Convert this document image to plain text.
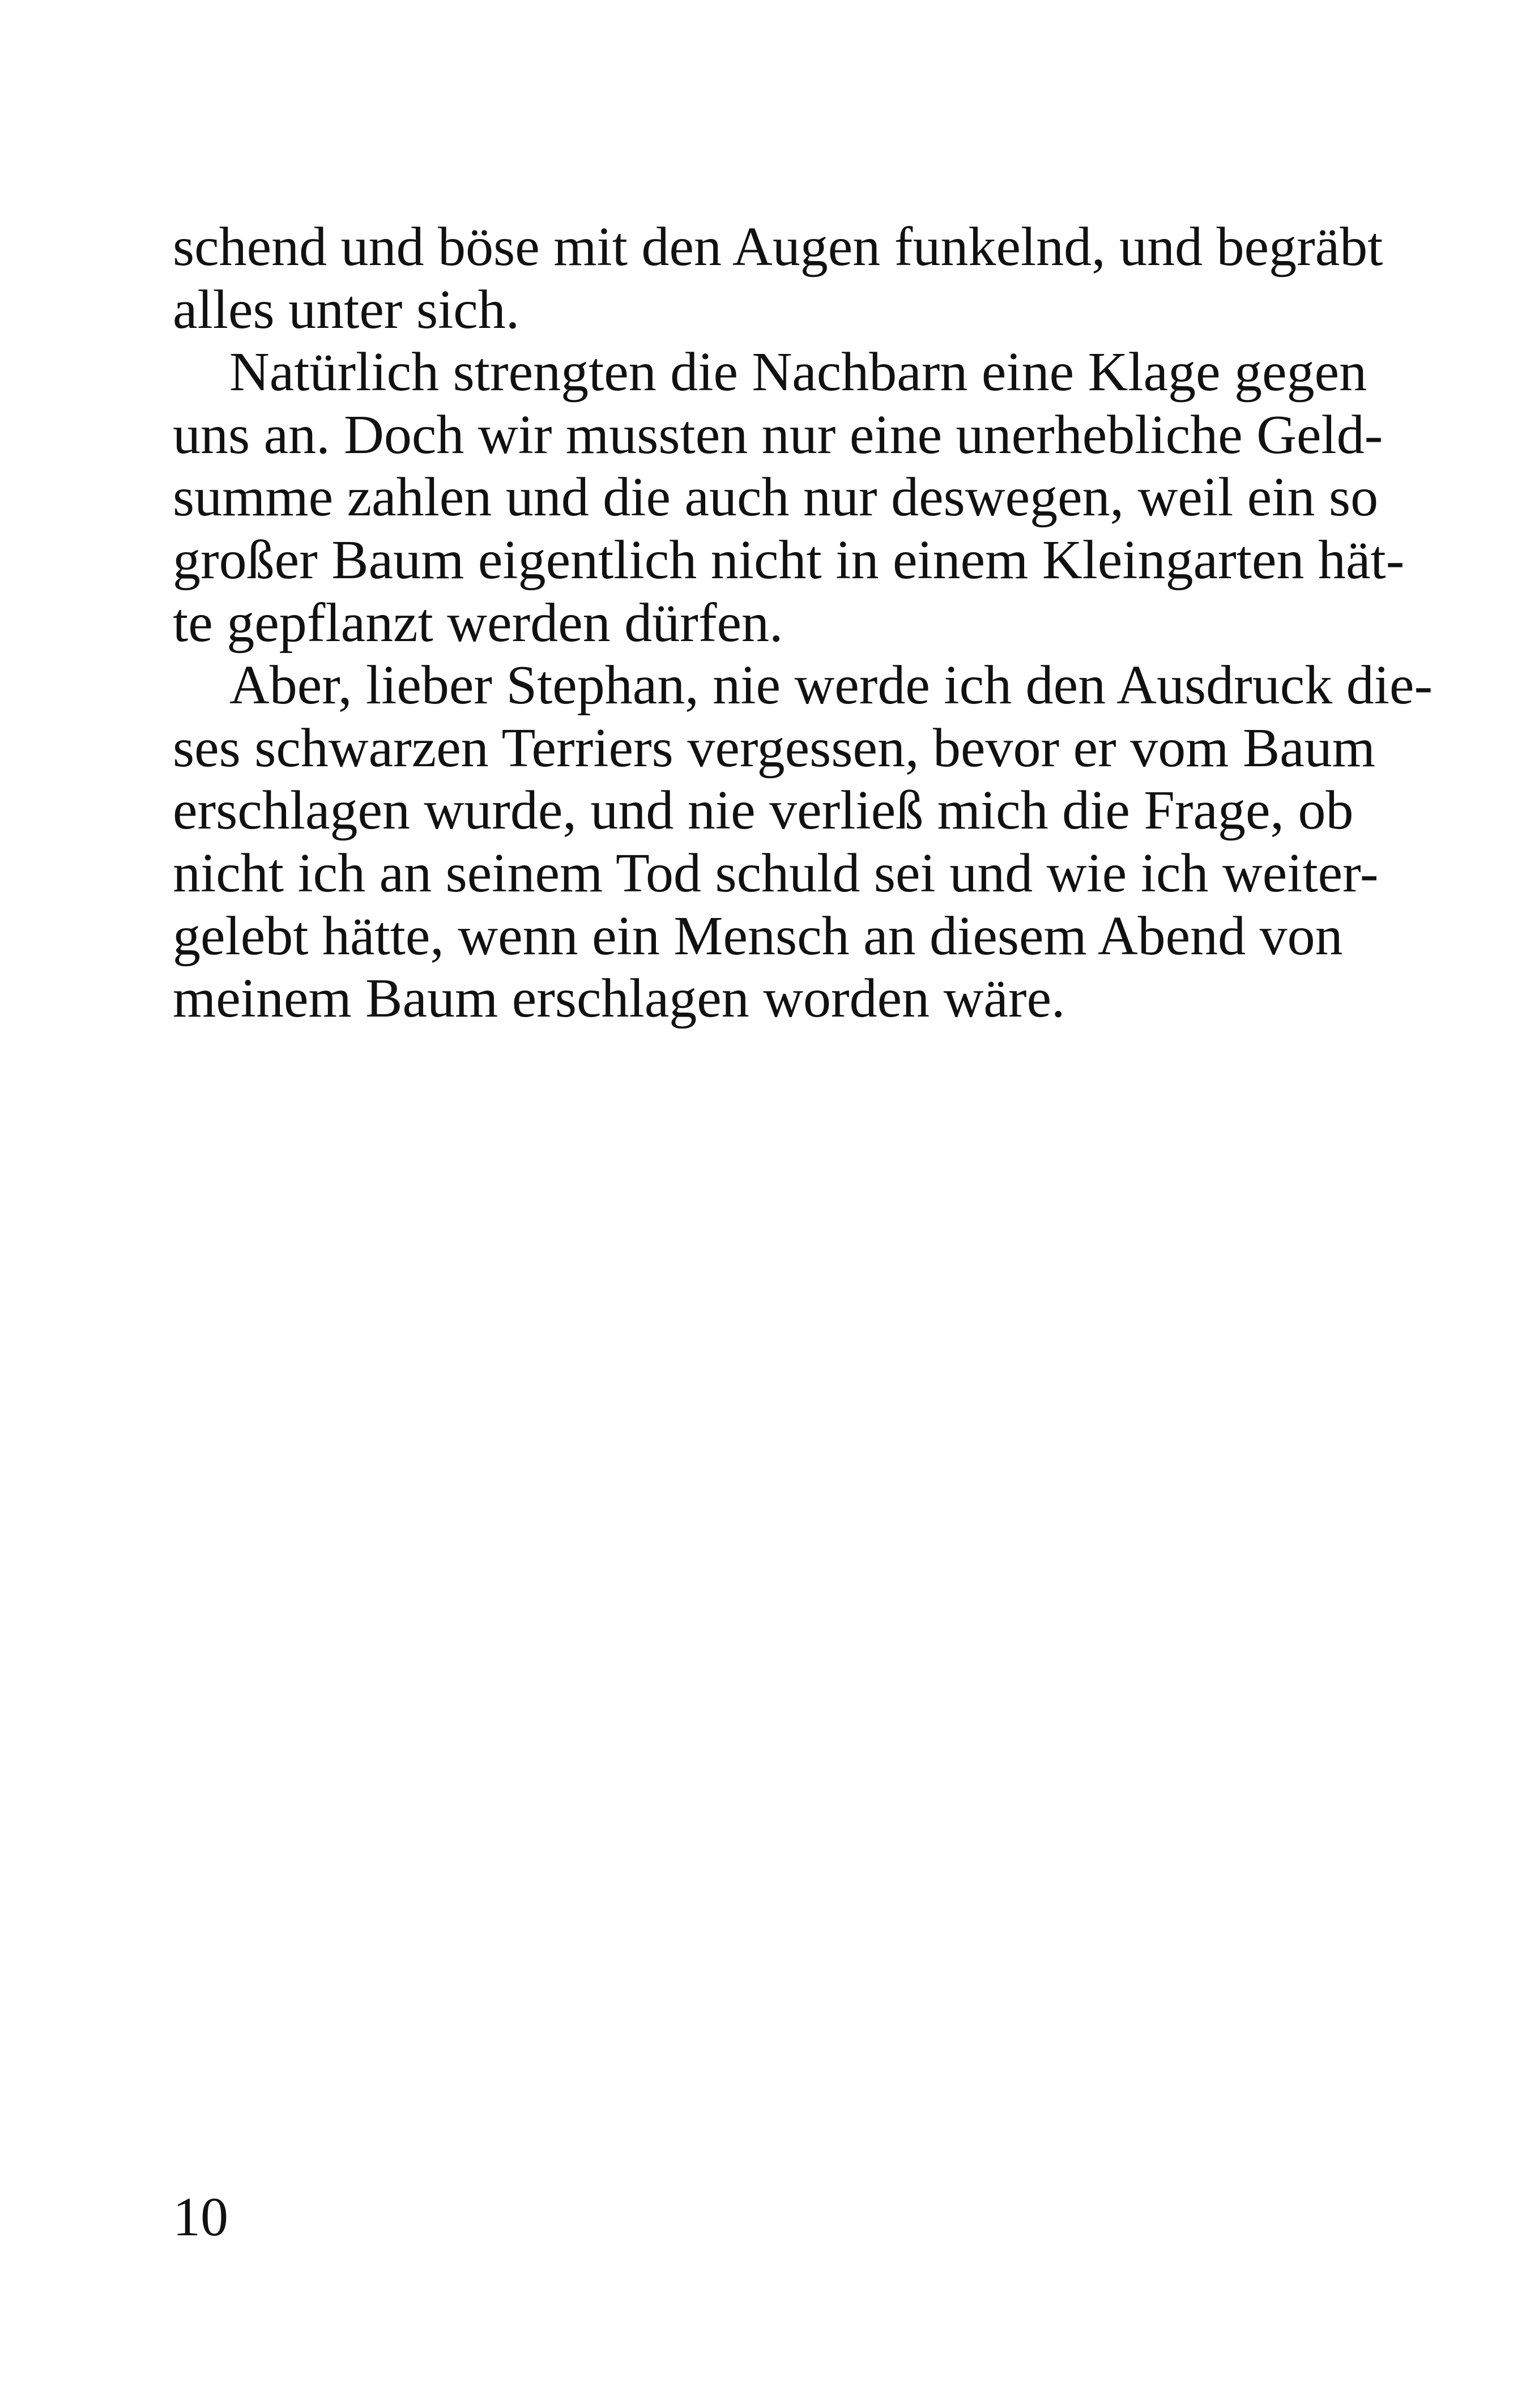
schend und böse mit den Augen funkelnd, und begräbt
alles unter sich.
Natürlich strengten die Nachbarn eine Klage gegen
uns an. Doch wir mussten nur eine unerhebliche Geld-
summe zahlen und die auch nur deswegen, weil ein so
großer Baum eigentlich nicht in einem Kleingarten hät-
te gepflanzt werden dürfen.
Aber, lieber Stephan, nie werde ich den Ausdruck die-
ses schwarzen Terriers vergessen, bevor er vom Baum
erschlagen wurde, und nie verließ mich die Frage, ob
nicht ich an seinem Tod schuld sei und wie ich weiter-
gelebt hätte, wenn ein Mensch an diesem Abend von
meinem Baum erschlagen worden wäre.
10
